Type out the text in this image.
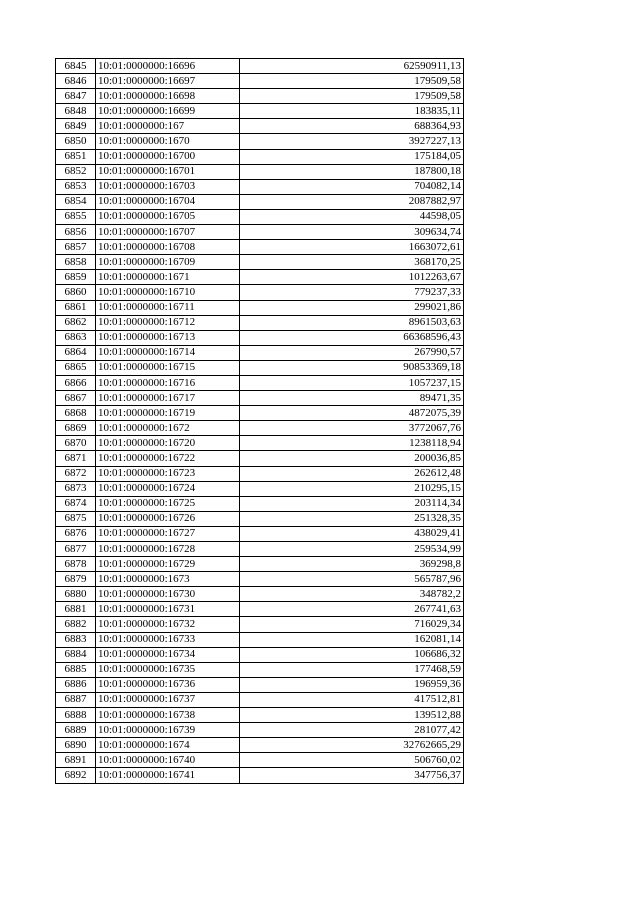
6845	10:01:0000000:16696	62590911,13
6846	10:01:0000000:16697	179509,58
6847	10:01:0000000:16698	179509,58
6848	10:01:0000000:16699	183835,11
6849	10:01:0000000:167	688364,93
6850	10:01:0000000:1670	3927227,13
6851	10:01:0000000:16700	175184,05
6852	10:01:0000000:16701	187800,18
6853	10:01:0000000:16703	704082,14
6854	10:01:0000000:16704	2087882,97
6855	10:01:0000000:16705	44598,05
6856	10:01:0000000:16707	309634,74
6857	10:01:0000000:16708	1663072,61
6858	10:01:0000000:16709	368170,25
6859	10:01:0000000:1671	1012263,67
6860	10:01:0000000:16710	779237,33
6861	10:01:0000000:16711	299021,86
6862	10:01:0000000:16712	8961503,63
6863	10:01:0000000:16713	66368596,43
6864	10:01:0000000:16714	267990,57
6865	10:01:0000000:16715	90853369,18
6866	10:01:0000000:16716	1057237,15
6867	10:01:0000000:16717	89471,35
6868	10:01:0000000:16719	4872075,39
6869	10:01:0000000:1672	3772067,76
6870	10:01:0000000:16720	1238118,94
6871	10:01:0000000:16722	200036,85
6872	10:01:0000000:16723	262612,48
6873	10:01:0000000:16724	210295,15
6874	10:01:0000000:16725	203114,34
6875	10:01:0000000:16726	251328,35
6876	10:01:0000000:16727	438029,41
6877	10:01:0000000:16728	259534,99
6878	10:01:0000000:16729	369298,8
6879	10:01:0000000:1673	565787,96
6880	10:01:0000000:16730	348782,2
6881	10:01:0000000:16731	267741,63
6882	10:01:0000000:16732	716029,34
6883	10:01:0000000:16733	162081,14
6884	10:01:0000000:16734	106686,32
6885	10:01:0000000:16735	177468,59
6886	10:01:0000000:16736	196959,36
6887	10:01:0000000:16737	417512,81
6888	10:01:0000000:16738	139512,88
6889	10:01:0000000:16739	281077,42
6890	10:01:0000000:1674	32762665,29
6891	10:01:0000000:16740	506760,02
6892	10:01:0000000:16741	347756,37
